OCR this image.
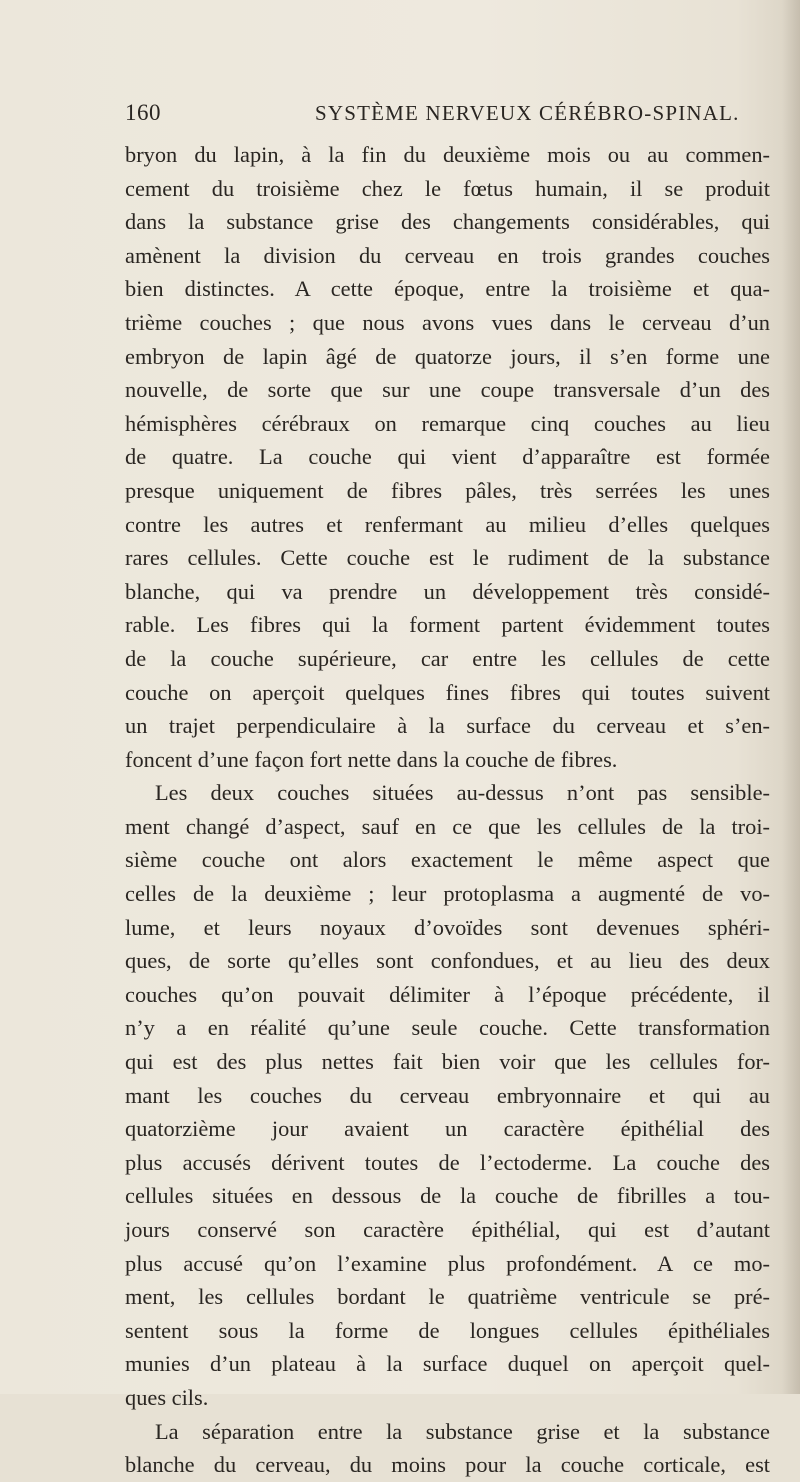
160	SYSTÈME NERVEUX CÉRÉBRO-SPINAL.
bryon du lapin, à la fin du deuxième mois ou au commen-
cement du troisième chez le fœtus humain, il se produit
dans la substance grise des changements considérables, qui
amènent la division du cerveau en trois grandes couches
bien distinctes. A cette époque, entre la troisième et qua-
trième couches ; que nous avons vues dans le cerveau d’un
embryon de lapin âgé de quatorze jours, il s’en forme une
nouvelle, de sorte que sur une coupe transversale d’un des
hémisphères cérébraux on remarque cinq couches au lieu
de quatre. La couche qui vient d’apparaître est formée
presque uniquement de fibres pâles, très serrées les unes
contre les autres et renfermant au milieu d’elles quelques
rares cellules. Cette couche est le rudiment de la substance
blanche, qui va prendre un développement très considé-
rable. Les fibres qui la forment partent évidemment toutes
de la couche supérieure, car entre les cellules de cette
couche on aperçoit quelques fines fibres qui toutes suivent
un trajet perpendiculaire à la surface du cerveau et s’en-
foncent d’une façon fort nette dans la couche de fibres.
Les deux couches situées au-dessus n’ont pas sensible-
ment changé d’aspect, sauf en ce que les cellules de la troi-
sième couche ont alors exactement le même aspect que
celles de la deuxième ; leur protoplasma a augmenté de vo-
lume, et leurs noyaux d’ovoïdes sont devenues sphéri-
ques, de sorte qu’elles sont confondues, et au lieu des deux
couches qu’on pouvait délimiter à l’époque précédente, il
n’y a en réalité qu’une seule couche. Cette transformation
qui est des plus nettes fait bien voir que les cellules for-
mant les couches du cerveau embryonnaire et qui au
quatorzième jour avaient un caractère épithélial des
plus accusés dérivent toutes de l’ectoderme. La couche des
cellules situées en dessous de la couche de fibrilles a tou-
jours conservé son caractère épithélial, qui est d’autant
plus accusé qu’on l’examine plus profondément. A ce mo-
ment, les cellules bordant le quatrième ventricule se pré-
sentent sous la forme de longues cellules épithéliales
munies d’un plateau à la surface duquel on aperçoit quel-
ques cils.
La séparation entre la substance grise et la substance
blanche du cerveau, du moins pour la couche corticale, est
